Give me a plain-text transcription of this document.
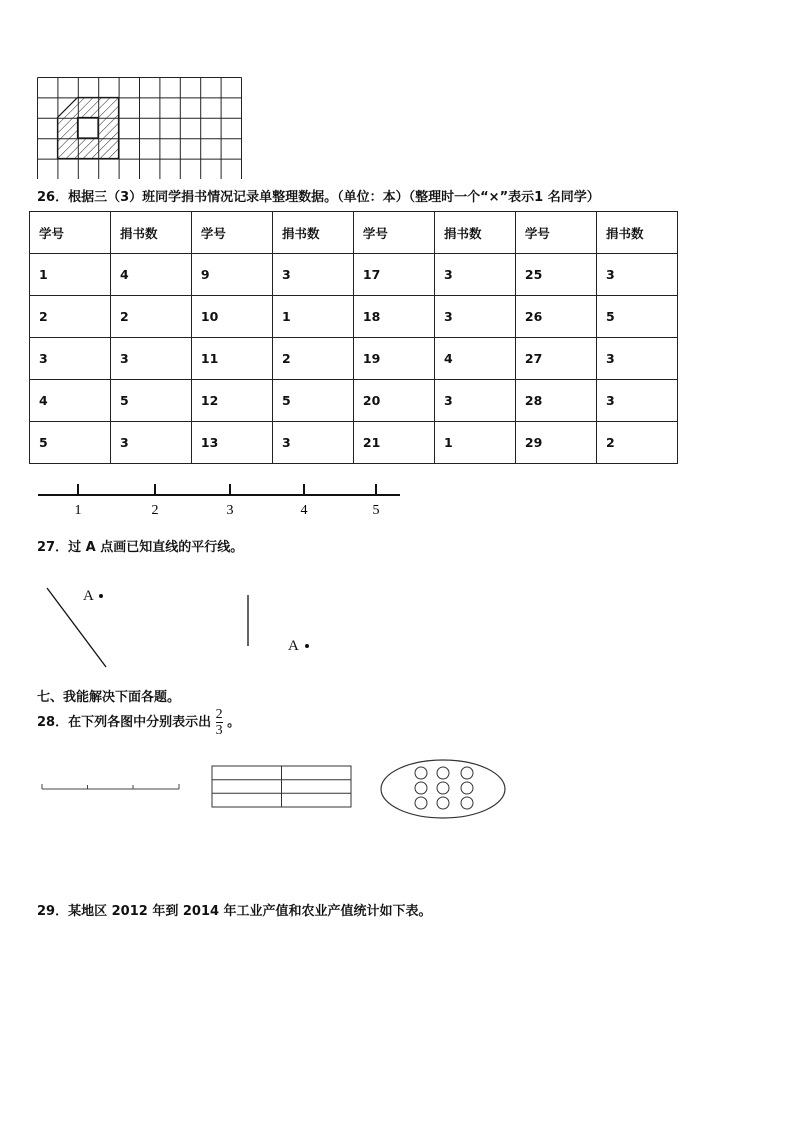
26．根据三（3）班同学捐书情况记录单整理数据。（单位：本）（整理时一个“×”表示1 名同学）
学号	捐书数	学号	捐书数	学号	捐书数	学号	捐书数
1	4	9	3	17	3	25	3
2	2	10	1	18	3	26	5
3	3	11	2	19	4	27	3
4	5	12	5	20	3	28	3
5	3	13	3	21	1	29	2
1	2	3	4	5
27．过 A 点画已知直线的平行线。
A
A
七、我能解决下面各题。
28．在下列各图中分别表示出 $\frac{2}{3}$ 。
29．某地区 2012 年到 2014 年工业产值和农业产值统计如下表。
